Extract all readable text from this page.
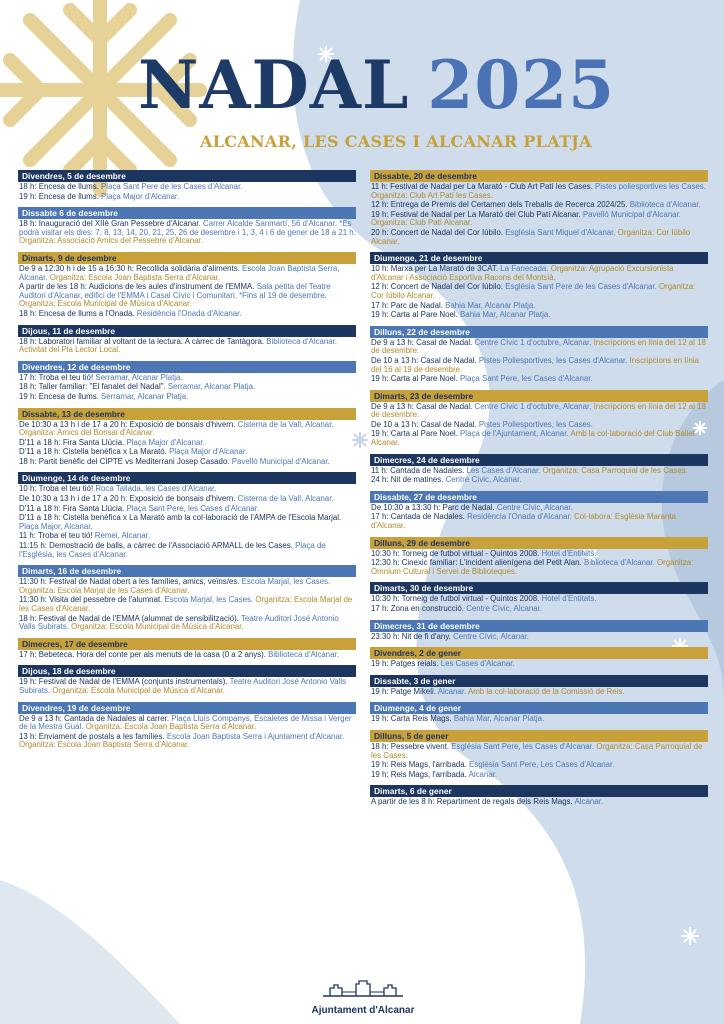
NADAL 2025
ALCANAR, LES CASES I ALCANAR PLATJA
Divendres, 5 de desembre
18 h: Encesa de llums. Plaça Sant Pere de les Cases d'Alcanar.
19 h: Encesa de llums. Plaça Major d'Alcanar.
Dissabte 6 de desembre
18 h: Inauguració del XIIè Gran Pessebre d'Alcanar. Carrer Alcalde Sanmartí, 56 d'Alcanar. *Es podrà visitar els dies: 7, 8, 13, 14, 20, 21, 25, 26 de desembre i 1, 3, 4 i 6 de gener de 18 a 21 h. Organitza: Associació Amics del Pessebre d'Alcanar.
Dimarts, 9 de desembre
De 9 a 12:30 h i de 15 a 16:30 h: Recollida solidària d'aliments. Escola Joan Baptista Serra, Alcanar. Organitza: Escola Joan Baptista Serra d'Alcanar.
A partir de les 18 h: Audicions de les aules d'instrument de l'EMMA. Sala petita del Teatre Auditori d'Alcanar, edifici de l'EMMA i Casal Cívic i Comunitari. *Fins al 19 de desembre. Organitza: Escola Municipal de Música d'Alcanar.
18 h: Encesa de llums a l'Onada. Residència l'Onada d'Alcanar.
Dijous, 11 de desembre
18 h: Laboratori familiar al voltant de la lectura. A càrrec de Tantàgora. Biblioteca d'Alcanar. Activitat del Pla Lector Local.
Divendres, 12 de desembre
17 h: Troba el teu tió! Serramar, Alcanar Platja.
18 h: Taller familiar: "El fanalet del Nadal". Serramar, Alcanar Platja.
19 h: Encesa de llums. Serramar, Alcanar Platja.
Dissabte, 13 de desembre
De 10:30 a 13 h i de 17 a 20 h: Exposició de bonsais d'hivern. Cisterna de la Vall, Alcanar. Organitza: Amics del Bonsai d'Alcanar.
D'11 a 18 h: Fira Santa Llúcia. Plaça Major d'Alcanar.
D'11 a 18 h: Cistella benèfica x La Marató. Plaça Major d'Alcanar.
18 h: Partit benèfic del CIPTE vs Mediterrani Josep Casado. Pavelló Municipal d'Alcanar.
Diumenge, 14 de desembre
10 h: Troba el teu tió! Roca Tallada, les Cases d'Alcanar.
De 10:30 a 13 h i de 17 a 20 h: Exposició de bonsais d'hivern. Cisterna de la Vall, Alcanar.
D'11 a 18 h: Fira Santa Llúcia. Plaça Sant Pere, les Cases d'Alcanar.
D'11 a 18 h: Cistella benèfica x La Marató amb la col·laboració de l'AMPA de l'Escola Marjal. Plaça Major, Alcanar.
11 h: Troba el teu tió! Remei, Alcanar.
11:15 h: Demostració de balls, a càrrec de l'Associació ARMALL de les Cases. Plaça de l'Església, les Cases d'Alcanar.
Dimarts, 16 de desembre
11:30 h: Festival de Nadal obert a les famílies, amics, veïns/es. Escola Marjal, les Cases. Organitza: Escola Marjal de les Cases d'Alcanar.
11:30 h: Visita del pessebre de l'alumnat. Escola Marjal, les Cases. Organitza: Escola Marjal de les Cases d'Alcanar.
18 h: Festival de Nadal de l'EMMA (alumnat de sensibilització). Teatre Auditori José Antonio Valls Subirats. Organitza: Escola Municipal de Música d'Alcanar.
Dimecres, 17 de desembre
17 h: Bebeteca. Hora del conte per als menuts de la casa (0 a 2 anys). Biblioteca d'Alcanar.
Dijous, 18 de desembre
19 h: Festival de Nadal de l'EMMA (conjunts instrumentals). Teatre Auditori José Antonio Valls Subirats. Organitza: Escola Municipal de Música d'Alcanar.
Divendres, 19 de desembre
De 9 a 13 h: Cantada de Nadales al carrer. Plaça Lluís Companys, Escaletes de Missa i Verger de la Mestra Gual. Organitza: Escola Joan Baptista Serra d'Alcanar.
13 h: Enviament de postals a les famílies. Escola Joan Baptista Serra i Ajuntament d'Alcanar. Organitza: Escola Joan Baptista Serra d'Alcanar.
Dissabte, 20 de desembre
11 h: Festival de Nadal per La Marató - Club Art Patí les Cases. Pistes poliesportives les Cases. Organitza: Club Art Patí les Cases.
12 h: Entrega de Premis del Certamen dels Treballs de Recerca 2024/25. Biblioteca d'Alcanar.
19 h: Festival de Nadal per La Marató del Club Patí Alcanar. Pavelló Municipal d'Alcanar. Organitza: Club Patí Alcanar.
20 h: Concert de Nadal del Cor Iúbilo. Església Sant Miquel d'Alcanar. Organitza: Cor Iúbilo Alcanar.
Diumenge, 21 de desembre
10 h: Marxa per La Marató de 3CAT. La Fanecada. Organitza: Agrupació Excursionista d'Alcanar i Associació Esportiva Racons del Montsià.
12 h: Concert de Nadal del Cor Iúbilo. Església Sant Pere de les Cases d'Alcanar. Organitza: Cor Iúbilo Alcanar.
17 h: Parc de Nadal. Bahia Mar, Alcanar Platja.
19 h: Carta al Pare Noel. Bahia Mar, Alcanar Platja.
Dilluns, 22 de desembre
De 9 a 13 h: Casal de Nadal. Centre Cívic 1 d'octubre, Alcanar. Inscripcions en línia del 12 al 18 de desembre.
De 10 a 13 h: Casal de Nadal. Pistes Poliesportives, les Cases d'Alcanar. Inscripcions en línia del 16 al 19 de desembre.
19 h: Carta al Pare Noel. Plaça Sant Pere, les Cases d'Alcanar.
Dimarts, 23 de desembre
De 9 a 13 h: Casal de Nadal. Centre Cívic 1 d'octubre, Alcanar. Inscripcions en línia del 12 al 18 de desembre.
De 10 a 13 h: Casal de Nadal. Pistes Poliesportives, les Cases.
19 h: Carta al Pare Noel. Plaça de l'Ajuntament, Alcanar. Amb la col·laboració del Club Ballet Alcanar.
Dimecres, 24 de desembre
11 h: Cantada de Nadales. Les Cases d'Alcanar. Organitza: Casa Parroquial de les Cases.
24 h: Nit de matines. Centre Cívic, Alcanar.
Dissabte, 27 de desembre
De 10:30 a 13:30 h: Parc de Nadal. Centre Cívic, Alcanar.
17 h: Cantada de Nadales. Residència l'Onada d'Alcanar. Col·labora: Església Maranta d'Alcanar.
Dilluns, 29 de desembre
10:30 h: Torneig de futbol virtual - Quintos 2008. Hotel d'Entitats.
12:30 h: Cinexic familiar: L'incident alienígena del Petit Alan. Biblioteca d'Alcanar. Organitza: Òmnium Cultural i Servei de Biblioteques.
Dimarts, 30 de desembre
10:30 h: Torneig de futbol virtual - Quintos 2008. Hotel d'Entitats.
17 h: Zona en construcció. Centre Cívic, Alcanar.
Dimecres, 31 de desembre
23:30 h: Nit de fi d'any. Centre Cívic, Alcanar.
Divendres, 2 de gener
19 h: Patges reials. Les Cases d'Alcanar.
Dissabte, 3 de gener
19 h: Patge Mikeli. Alcanar. Amb la col·laboració de la Comissió de Reis.
Diumenge, 4 de gener
19 h: Carta Reis Mags. Bahia Mar, Alcanar Platja.
Dilluns, 5 de gener
18 h: Pessebre vivent. Església Sant Pere, les Cases d'Alcanar. Organitza: Casa Parroquial de les Cases.
19 h: Reis Mags, l'arribada. Església Sant Pere, Les Cases d'Alcanar.
19 h: Reis Mags, l'arribada. Alcanar.
Dimarts, 6 de gener
A partir de les 8 h: Repartiment de regals dels Reis Mags. Alcanar.
Ajuntament d'Alcanar
